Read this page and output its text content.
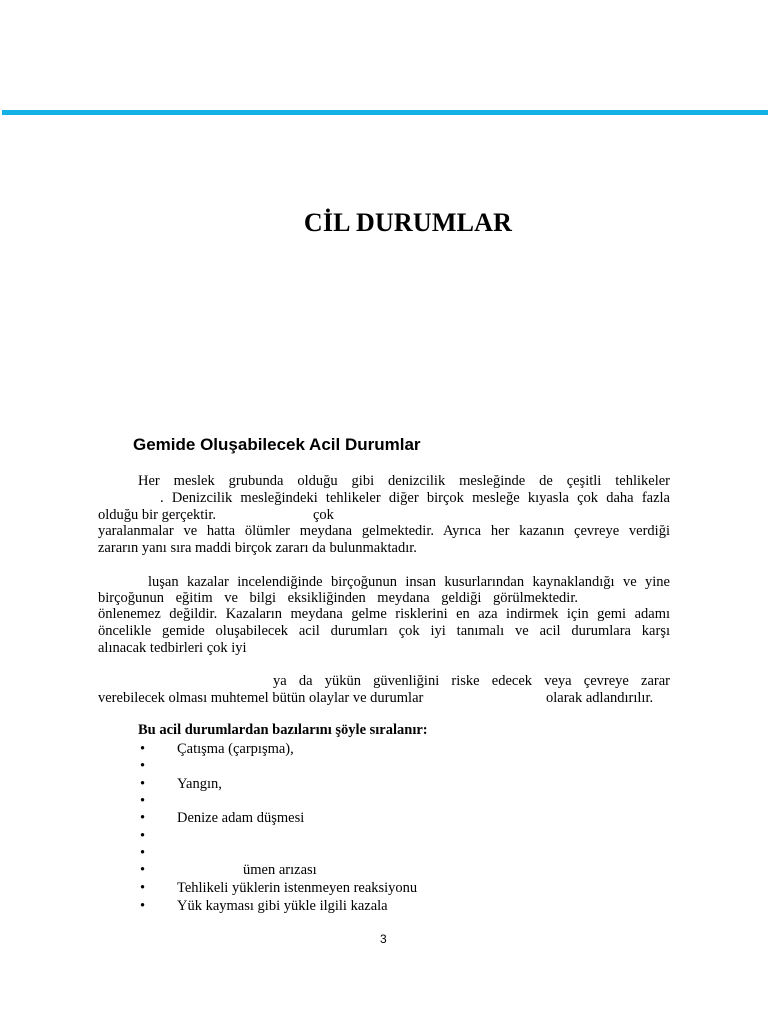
CİL DURUMLAR
Gemide Oluşabilecek Acil Durumlar
Her meslek grubunda olduğu gibi denizcilik mesleğinde de çeşitli tehlikeler
. Denizcilik mesleğindeki tehlikeler diğer birçok mesleğe kıyasla çok daha fazla
olduğu bir gerçektir.	çok
yaralanmalar ve hatta ölümler meydana gelmektedir. Ayrıca her kazanın çevreye verdiği
zararın yanı sıra maddi birçok zararı da bulunmaktadır.
luşan kazalar incelendiğinde birçoğunun insan kusurlarından kaynaklandığı ve yine
birçoğunun eğitim ve bilgi eksikliğinden meydana geldiği görülmektedir.
önlenemez değildir. Kazaların meydana gelme risklerini en aza indirmek için gemi adamı
öncelikle gemide oluşabilecek acil durumları çok iyi tanımalı ve acil durumlara karşı
alınacak tedbirleri çok iyi
ya da yükün güvenliğini riske edecek veya çevreye zarar
verebilecek olması muhtemel bütün olaylar ve durumlar	olarak adlandırılır.
Bu acil durumlardan bazılarını şöyle sıralanır:
• Çatışma (çarpışma),
•
• Yangın,
•
• Denize adam düşmesi
•
•
•	ümen arızası
• Tehlikeli yüklerin istenmeyen reaksiyonu
• Yük kayması gibi yükle ilgili kazala
3
